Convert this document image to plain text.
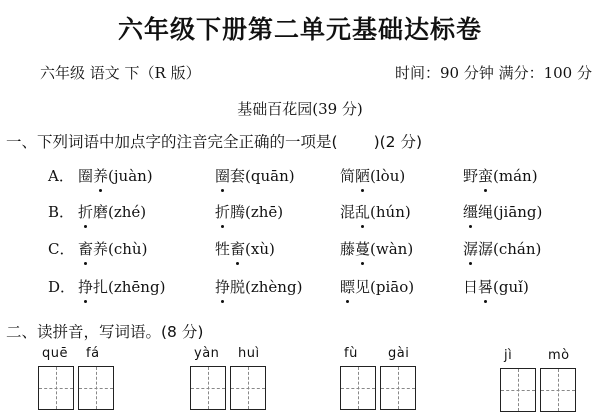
六年级下册第二单元基础达标卷
六年级 语文 下（R 版）	时间：90 分钟 满分：100 分
基础百花园(39 分)
一、下列词语中加点字的注音完全正确的一项是( )(2 分)
A． 圈养(juàn)	圈套(quān)	简陋(lòu)	野蛮(mán)
B． 折磨(zhé)	折腾(zhē)	混乱(hún)	缰绳(jiāng)
C． 畜养(chù)	牲畜(xù)	藤蔓(wàn)	潺潺(chán)
D． 挣扎(zhēng)	挣脱(zhèng)	瞟见(piāo)	日晷(guǐ)
二、读拼音，写词语。(8 分)
quē fá	yàn huì	fù gài	jì	mò
